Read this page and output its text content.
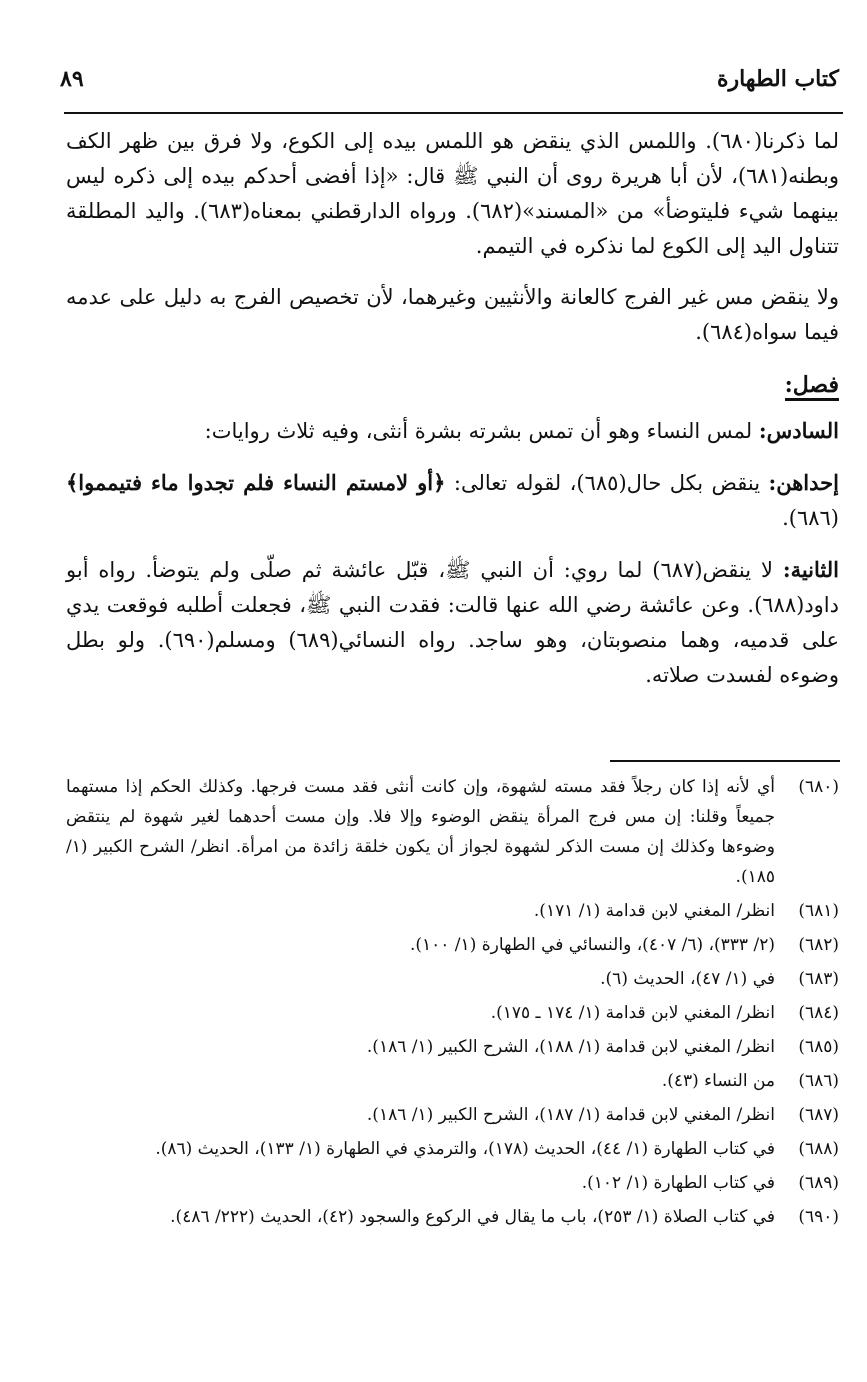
كتاب الطهارة
٨٩

لما ذكرنا(٦٨٠). واللمس الذي ينقض هو اللمس بيده إلى الكوع، ولا فرق بين ظهر الكف وبطنه(٦٨١)، لأن أبا هريرة روى أن النبي ﷺ قال: «إذا أفضى أحدكم بيده إلى ذكره ليس بينهما شيء فليتوضأ» من «المسند»(٦٨٢). ورواه الدارقطني بمعناه(٦٨٣). واليد المطلقة تتناول اليد إلى الكوع لما نذكره في التيمم.

ولا ينقض مس غير الفرج كالعانة والأنثيين وغيرهما، لأن تخصيص الفرج به دليل على عدمه فيما سواه(٦٨٤).

فصل:

السادس: لمس النساء وهو أن تمس بشرته بشرة أنثى، وفيه ثلاث روايات:

إحداهن: ينقض بكل حال(٦٨٥)، لقوله تعالى: ﴿أو لامستم النساء فلم تجدوا ماء فتيمموا﴾(٦٨٦).

الثانية: لا ينقض(٦٨٧) لما روي: أن النبي ﷺ، قبّل عائشة ثم صلّى ولم يتوضأ. رواه أبو داود(٦٨٨). وعن عائشة رضي الله عنها قالت: فقدت النبي ﷺ، فجعلت أطلبه فوقعت يدي على قدميه، وهما منصوبتان، وهو ساجد. رواه النسائي(٦٨٩) ومسلم(٦٩٠). ولو بطل وضوءه لفسدت صلاته.

(٦٨٠)
أي لأنه إذا كان رجلاً فقد مسته لشهوة، وإن كانت أنثى فقد مست فرجها. وكذلك الحكم إذا مستهما جميعاً وقلنا: إن مس فرج المرأة ينقض الوضوء وإلا فلا. وإن مست أحدهما لغير شهوة لم ينتقض وضوءها وكذلك إن مست الذكر لشهوة لجواز أن يكون خلقة زائدة من امرأة. انظر/ الشرح الكبير (١/ ١٨٥).
(٦٨١)
انظر/ المغني لابن قدامة (١/ ١٧١).
(٦٨٢)
(٢/ ٣٣٣)، (٦/ ٤٠٧)، والنسائي في الطهارة (١/ ١٠٠).
(٦٨٣)
في (١/ ٤٧)، الحديث (٦).
(٦٨٤)
انظر/ المغني لابن قدامة (١/ ١٧٤ ـ ١٧٥).
(٦٨٥)
انظر/ المغني لابن قدامة (١/ ١٨٨)، الشرح الكبير (١/ ١٨٦).
(٦٨٦)
من النساء (٤٣).
(٦٨٧)
انظر/ المغني لابن قدامة (١/ ١٨٧)، الشرح الكبير (١/ ١٨٦).
(٦٨٨)
في كتاب الطهارة (١/ ٤٤)، الحديث (١٧٨)، والترمذي في الطهارة (١/ ١٣٣)، الحديث (٨٦).
(٦٨٩)
في كتاب الطهارة (١/ ١٠٢).
(٦٩٠)
في كتاب الصلاة (١/ ٢٥٣)، باب ما يقال في الركوع والسجود (٤٢)، الحديث (٢٢٢/ ٤٨٦).
